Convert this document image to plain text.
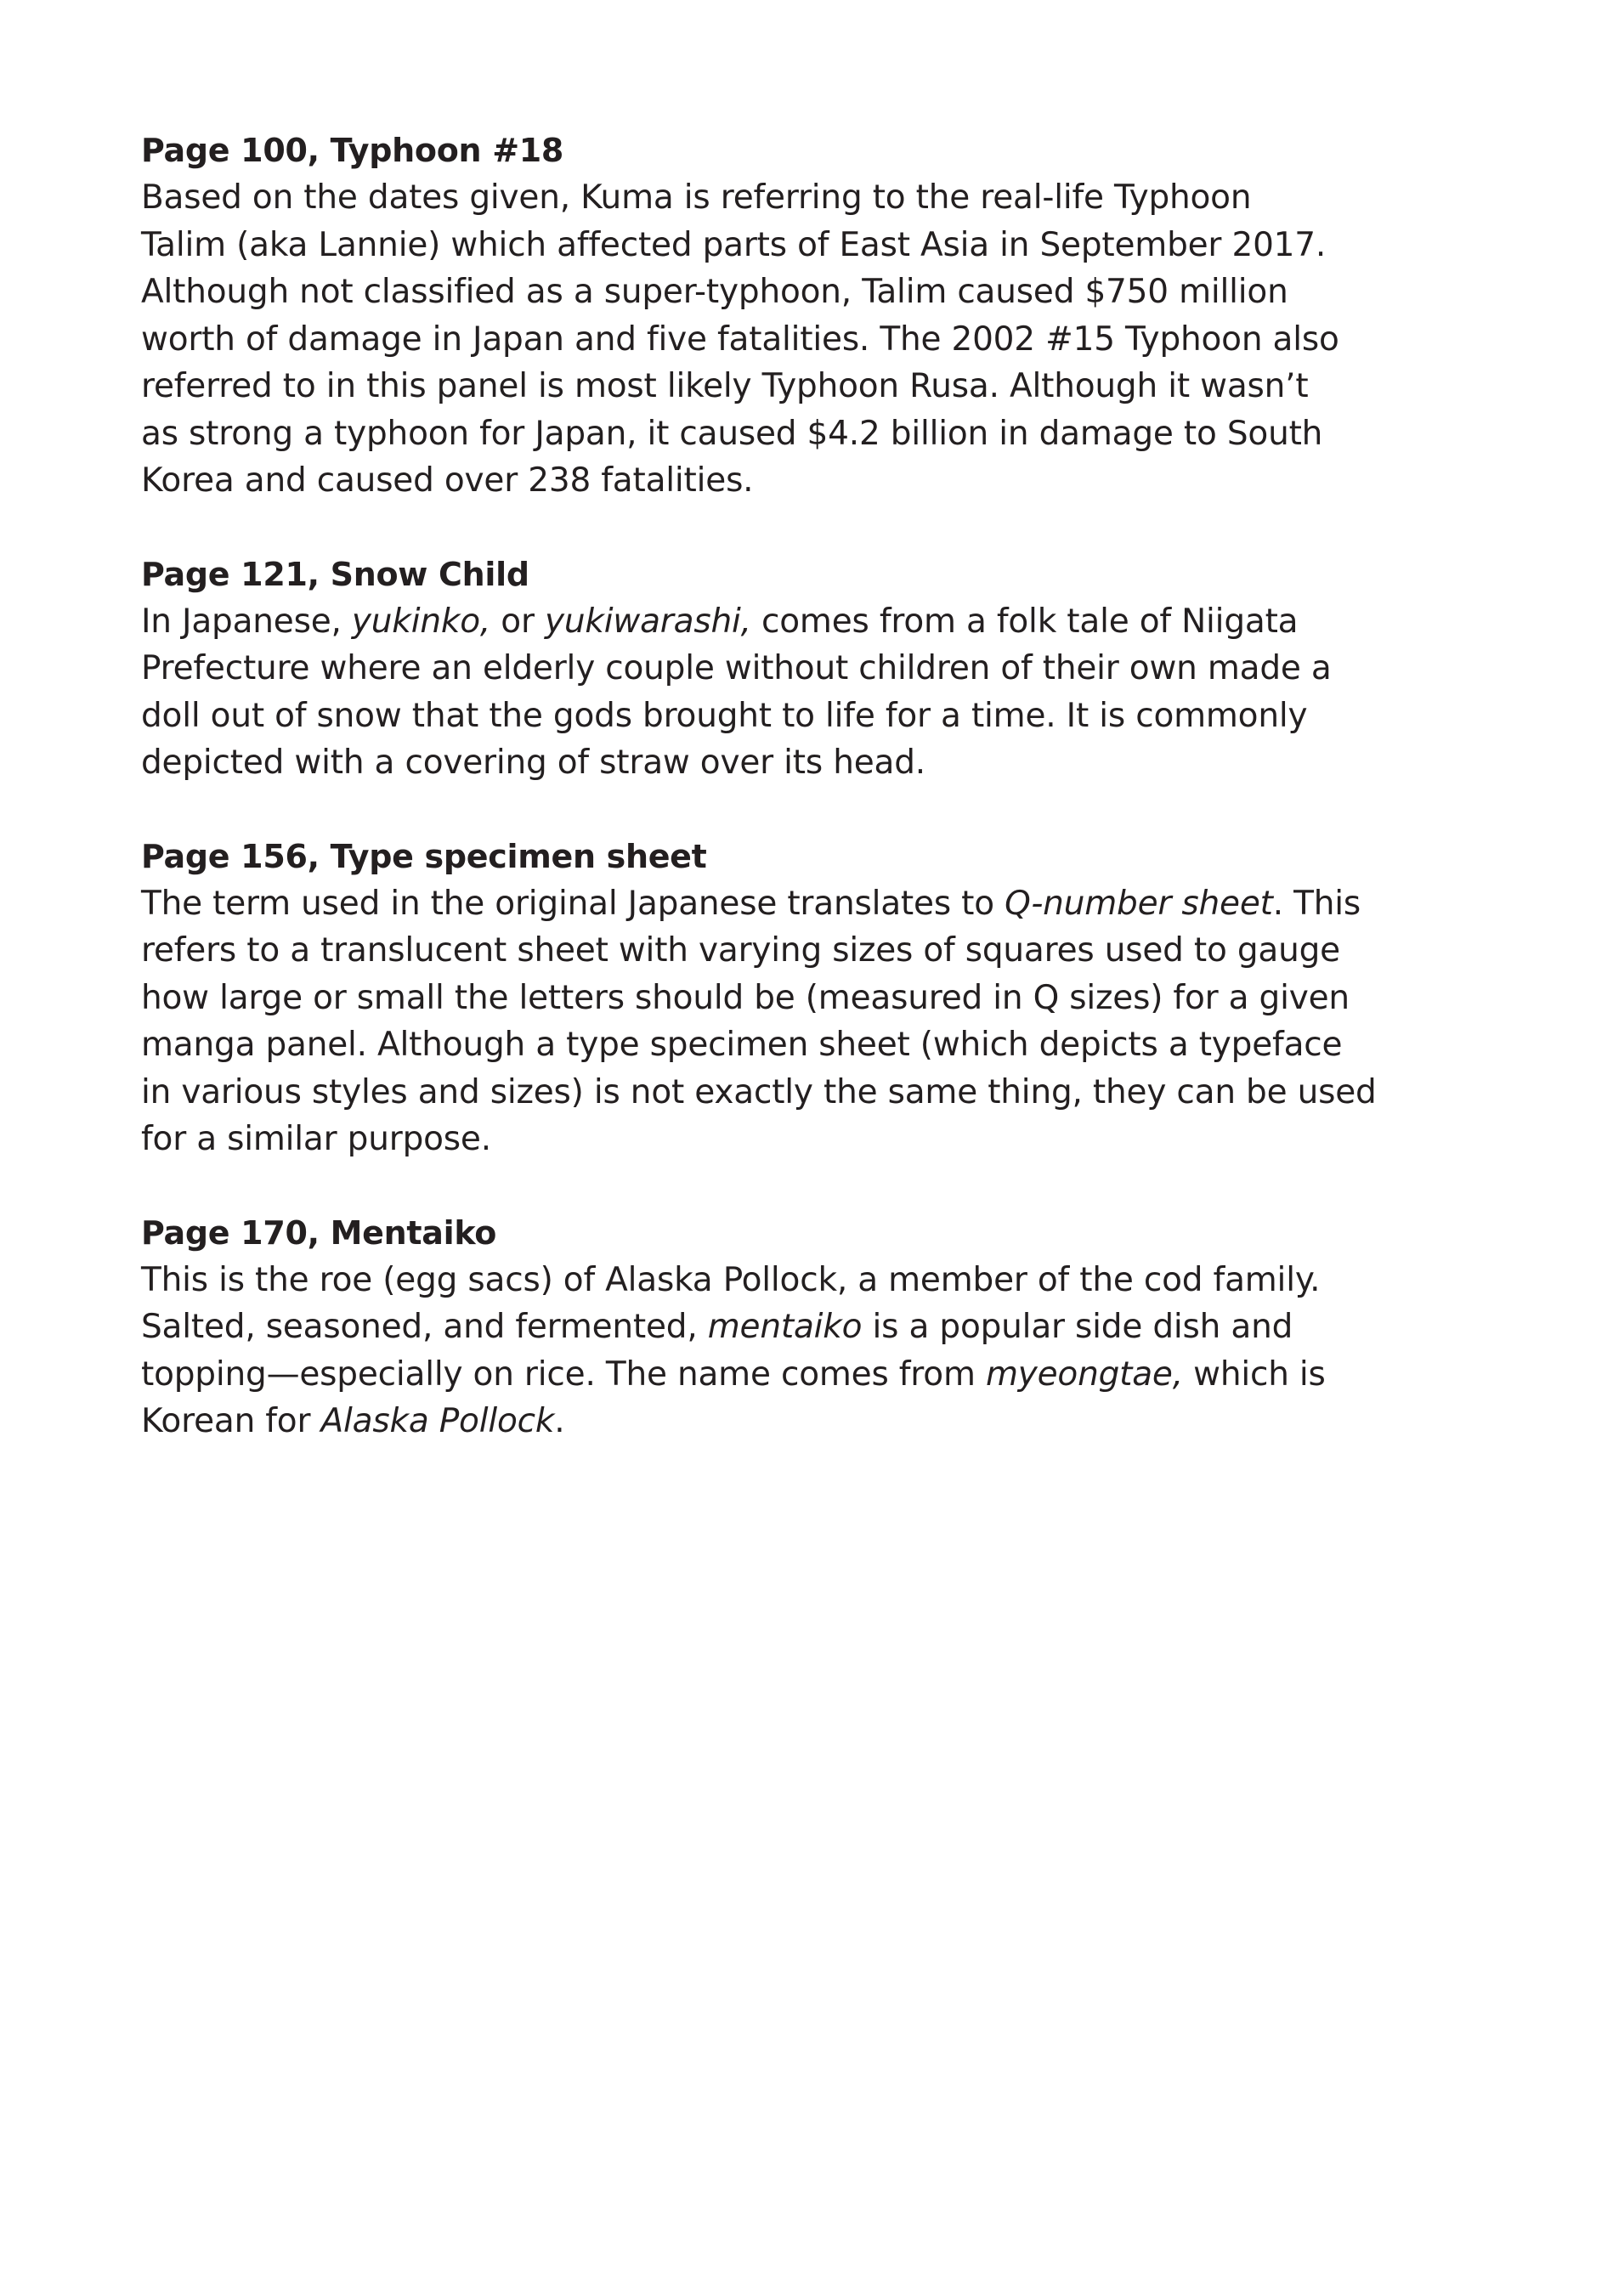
Page 100, Typhoon #18

Based on the dates given, Kuma is referring to the real-life Typhoon
Talim (aka Lannie) which affected parts of East Asia in September 2017.
Although not classified as a super-typhoon, Talim caused $750 million
worth of damage in Japan and five fatalities. The 2002 #15 Typhoon also
referred to in this panel is most likely Typhoon Rusa. Although it wasn’t
as strong a typhoon for Japan, it caused $4.2 billion in damage to South
Korea and caused over 238 fatalities.

Page 121, Snow Child

In Japanese, yukinko, or yukiwarashi, comes from a folk tale of Niigata
Prefecture where an elderly couple without children of their own made a
doll out of snow that the gods brought to life for a time. It is commonly
depicted with a covering of straw over its head.

Page 156, Type specimen sheet

The term used in the original Japanese translates to Q-number sheet. This
refers to a translucent sheet with varying sizes of squares used to gauge
how large or small the letters should be (measured in Q sizes) for a given
manga panel. Although a type specimen sheet (which depicts a typeface
in various styles and sizes) is not exactly the same thing, they can be used
for a similar purpose.

Page 170, Mentaiko

This is the roe (egg sacs) of Alaska Pollock, a member of the cod family.
Salted, seasoned, and fermented, mentaiko is a popular side dish and
topping—especially on rice. The name comes from myeongtae, which is
Korean for Alaska Pollock.
